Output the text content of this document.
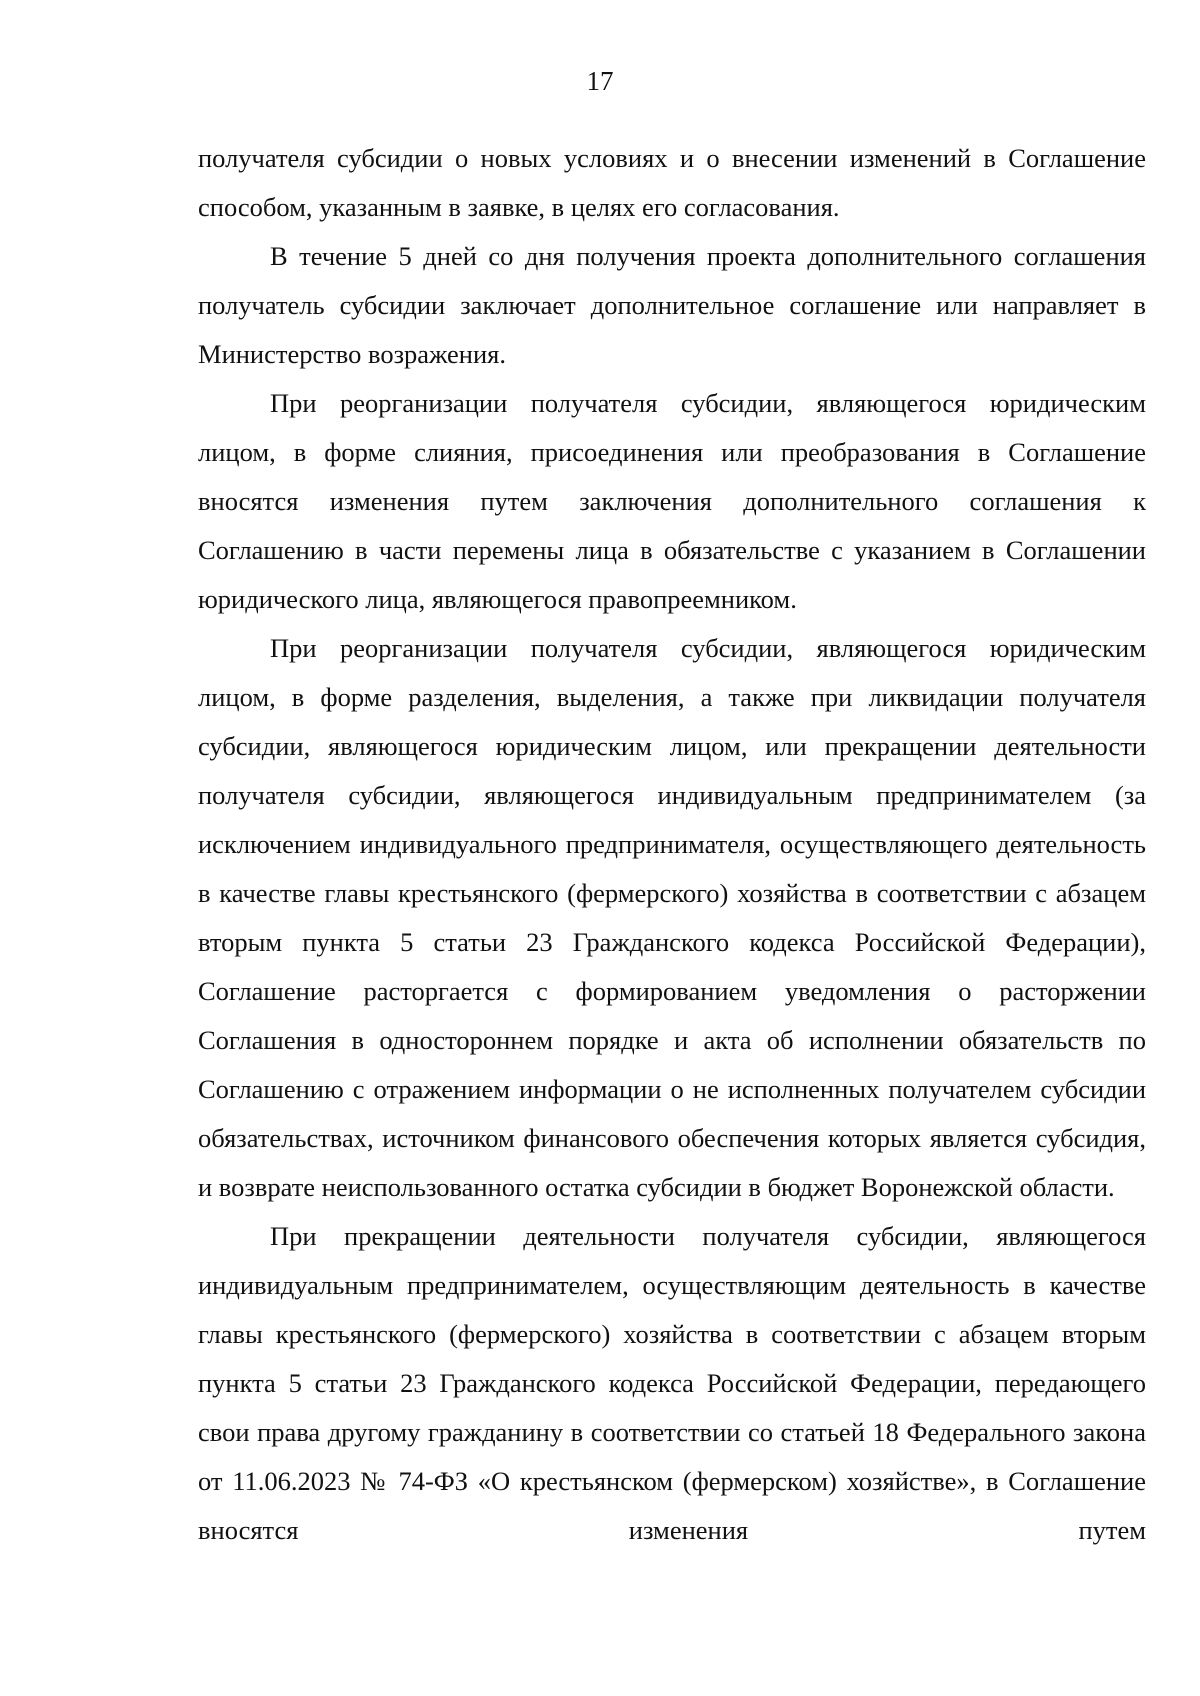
17

получателя субсидии о новых условиях и о внесении изменений в Соглашение способом, указанным в заявке, в целях его согласования.

В течение 5 дней со дня получения проекта дополнительного соглашения получатель субсидии заключает дополнительное соглашение или направляет в Министерство возражения.

При реорганизации получателя субсидии, являющегося юридическим лицом, в форме слияния, присоединения или преобразования в Соглашение вносятся изменения путем заключения дополнительного соглашения к Соглашению в части перемены лица в обязательстве с указанием в Соглашении юридического лица, являющегося правопреемником.

При реорганизации получателя субсидии, являющегося юридическим лицом, в форме разделения, выделения, а также при ликвидации получателя субсидии, являющегося юридическим лицом, или прекращении деятельности получателя субсидии, являющегося индивидуальным предпринимателем (за исключением индивидуального предпринимателя, осуществляющего деятельность в качестве главы крестьянского (фермерского) хозяйства в соответствии с абзацем вторым пункта 5 статьи 23 Гражданского кодекса Российской Федерации), Соглашение расторгается с формированием уведомления о расторжении Соглашения в одностороннем порядке и акта об исполнении обязательств по Соглашению с отражением информации о не исполненных получателем субсидии обязательствах, источником финансового обеспечения которых является субсидия, и возврате неиспользованного остатка субсидии в бюджет Воронежской области.

При прекращении деятельности получателя субсидии, являющегося индивидуальным предпринимателем, осуществляющим деятельность в качестве главы крестьянского (фермерского) хозяйства в соответствии с абзацем вторым пункта 5 статьи 23 Гражданского кодекса Российской Федерации, передающего свои права другому гражданину в соответствии со статьей 18 Федерального закона от 11.06.2023 № 74-ФЗ «О крестьянском (фермерском) хозяйстве», в Соглашение вносятся изменения путем
